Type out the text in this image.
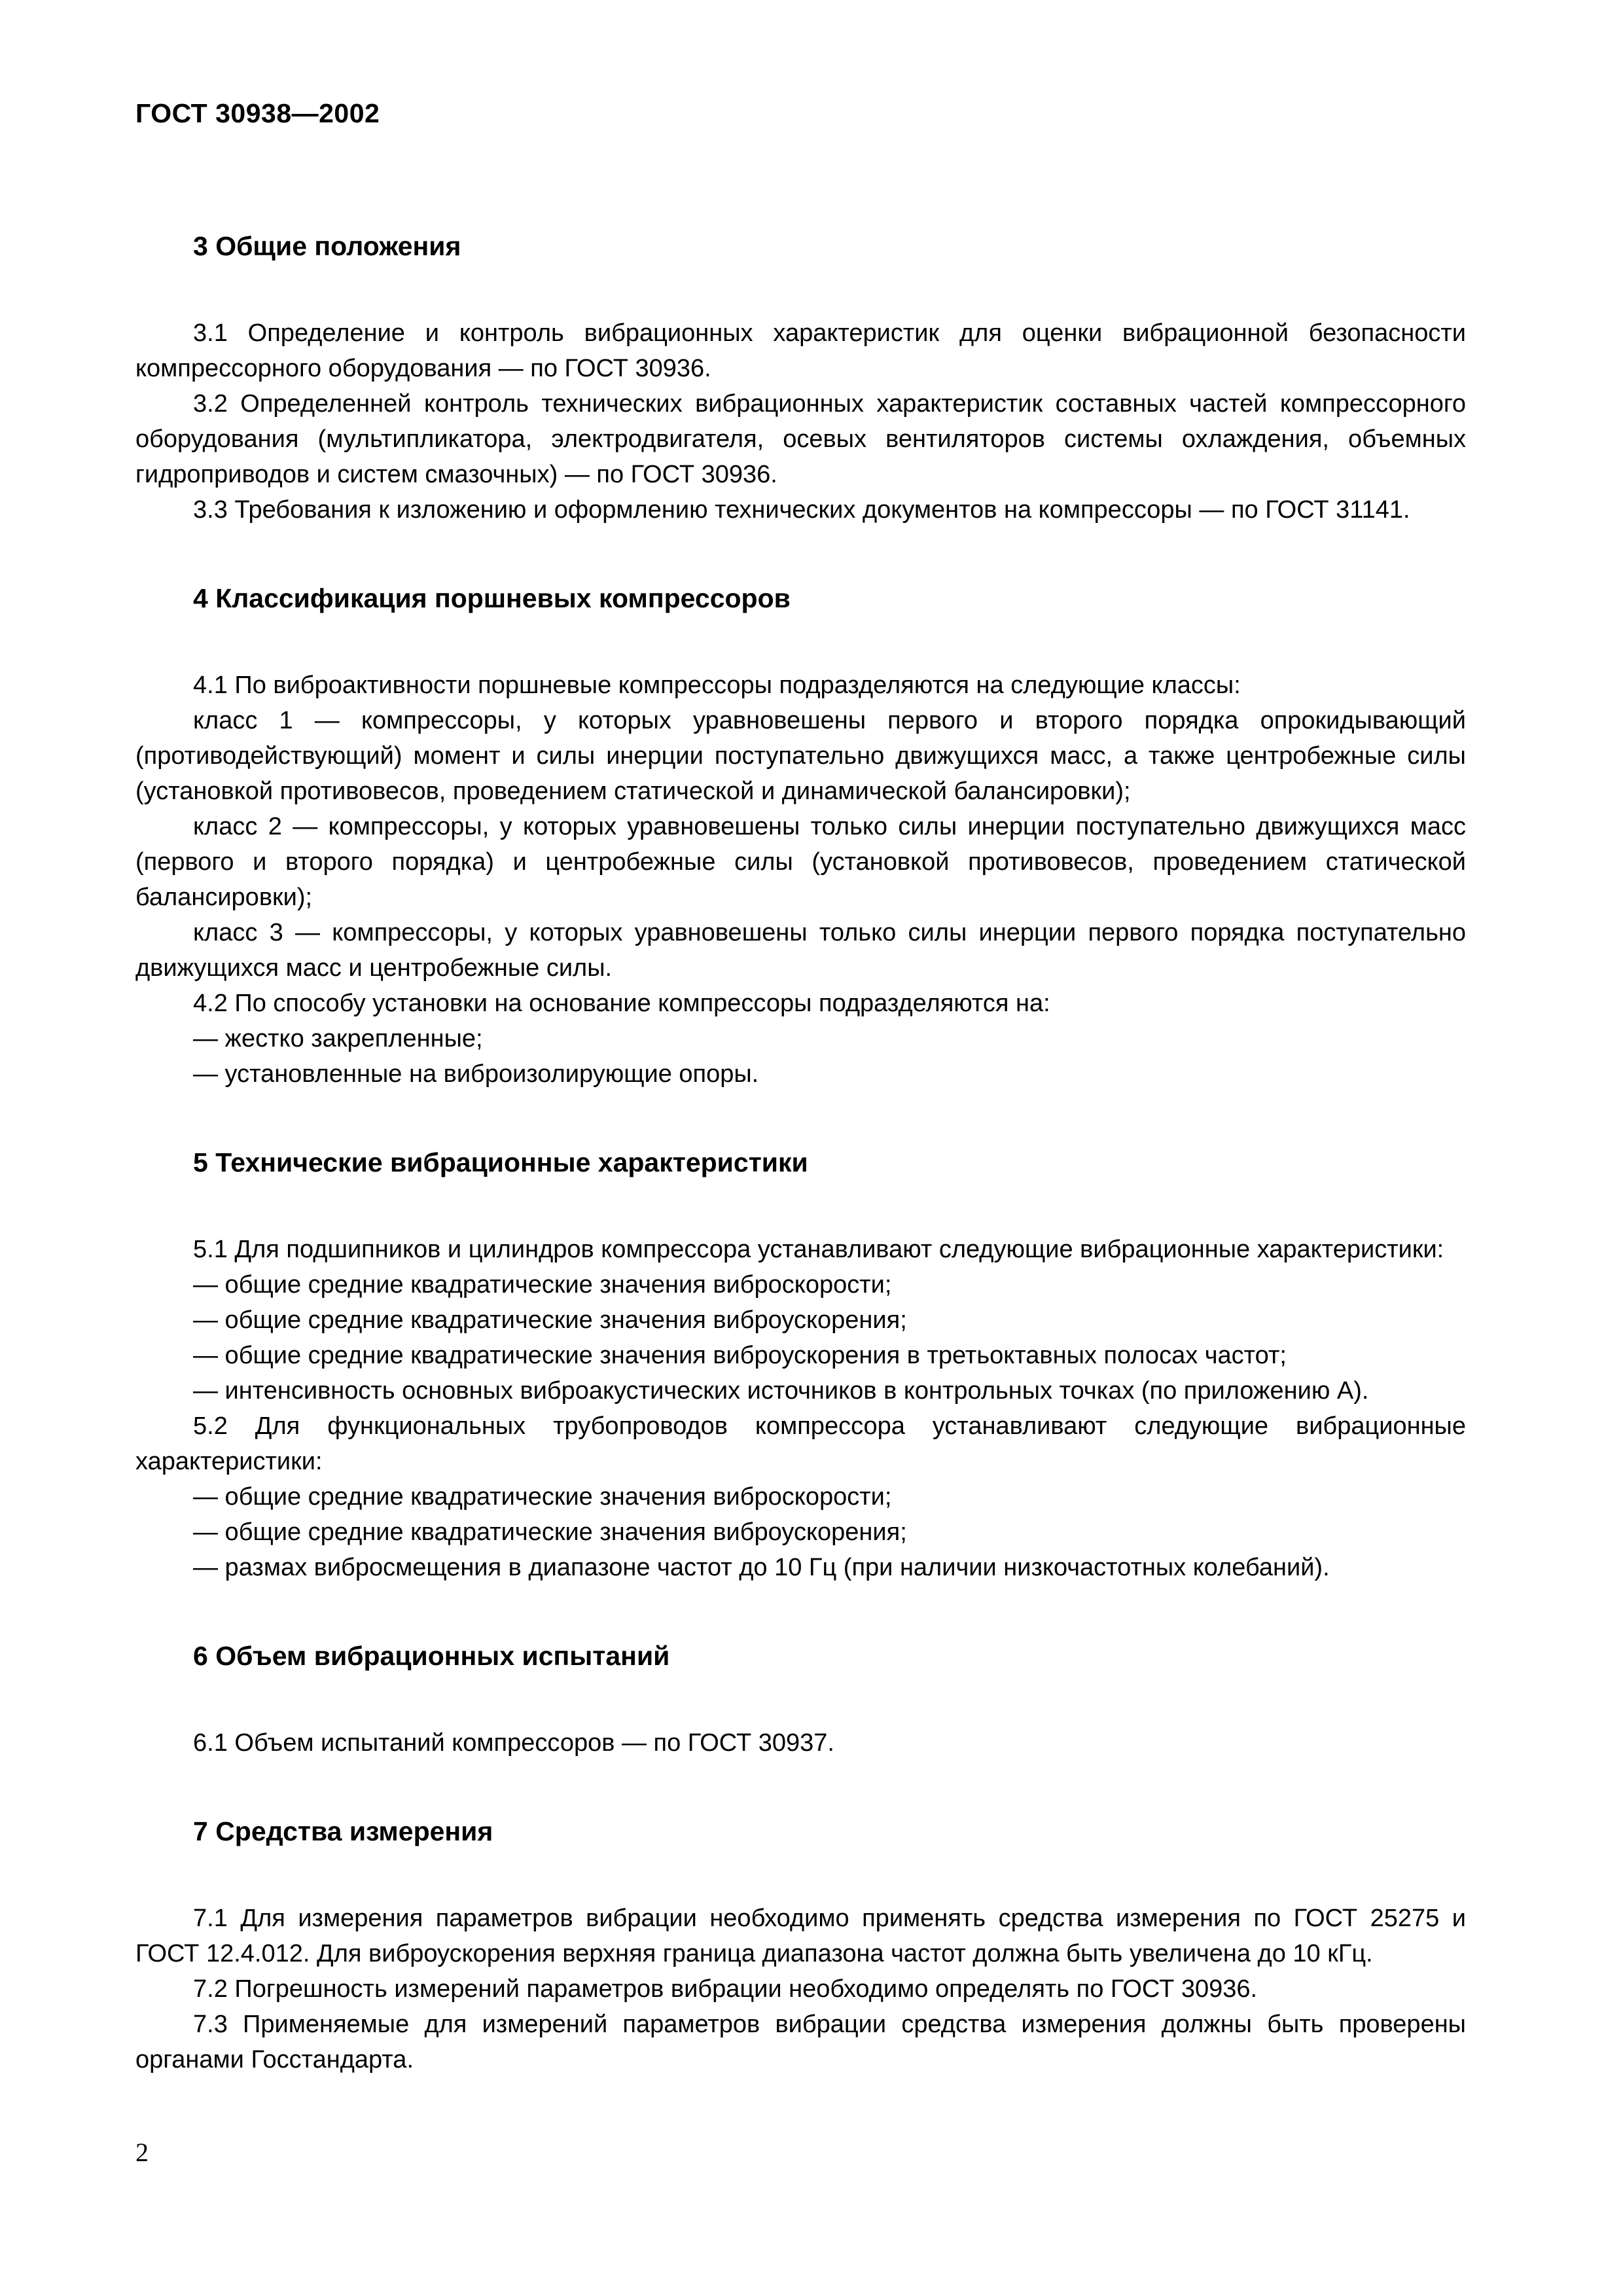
ГОСТ 30938—2002
3 Общие положения

3.1 Определение и контроль вибрационных характеристик для оценки вибрационной безопасности компрессорного оборудования — по ГОСТ 30936.

3.2 Определенней контроль технических вибрационных характеристик составных частей компрессорного оборудования (мультипликатора, электродвигателя, осевых вентиляторов системы охлаждения, объемных гидроприводов и систем смазочных) — по ГОСТ 30936.

3.3 Требования к изложению и оформлению технических документов на компрессоры — по ГОСТ 31141.

4 Классификация поршневых компрессоров

4.1 По виброактивности поршневые компрессоры подразделяются на следующие классы:

класс 1 — компрессоры, у которых уравновешены первого и второго порядка опрокидывающий (противодействующий) момент и силы инерции поступательно движущихся масс, а также центробежные силы (установкой противовесов, проведением статической и динамической балансировки);

класс 2 — компрессоры, у которых уравновешены только силы инерции поступательно движущихся масс (первого и второго порядка) и центробежные силы (установкой противовесов, проведением статической балансировки);

класс 3 — компрессоры, у которых уравновешены только силы инерции первого порядка поступательно движущихся масс и центробежные силы.

4.2 По способу установки на основание компрессоры подразделяются на:

— жестко закрепленные;

— установленные на виброизолирующие опоры.

5 Технические вибрационные характеристики

5.1 Для подшипников и цилиндров компрессора устанавливают следующие вибрационные характеристики:

— общие средние квадратические значения виброскорости;

— общие средние квадратические значения виброускорения;

— общие средние квадратические значения виброускорения в третьоктавных полосах частот;

— интенсивность основных виброакустических источников в контрольных точках (по приложению А).

5.2 Для функциональных трубопроводов компрессора устанавливают следующие вибрационные характеристики:

— общие средние квадратические значения виброскорости;

— общие средние квадратические значения виброускорения;

— размах вибросмещения в диапазоне частот до 10 Гц (при наличии низкочастотных колебаний).

6 Объем вибрационных испытаний

6.1 Объем испытаний компрессоров — по ГОСТ 30937.

7 Средства измерения

7.1 Для измерения параметров вибрации необходимо применять средства измерения по ГОСТ 25275 и ГОСТ 12.4.012. Для виброускорения верхняя граница диапазона частот должна быть увеличена до 10 кГц.

7.2 Погрешность измерений параметров вибрации необходимо определять по ГОСТ 30936.

7.3 Применяемые для измерений параметров вибрации средства измерения должны быть проверены органами Госстандарта.

2
